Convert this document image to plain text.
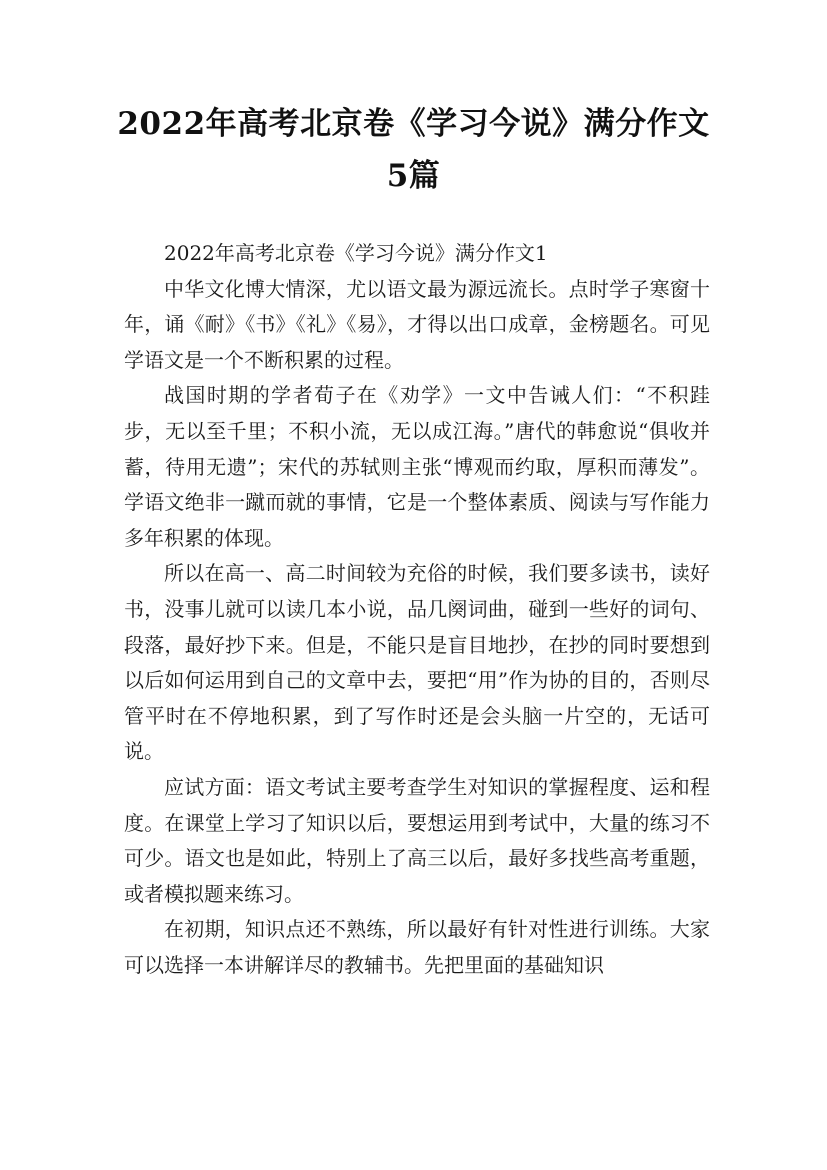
2022年高考北京卷《学习今说》满分作文5篇

2022年高考北京卷《学习今说》满分作文1

中华文化博大情深，尤以语文最为源远流长。点时学子寒窗十年，诵《耐》《书》《礼》《易》，才得以出口成章，金榜题名。可见学语文是一个不断积累的过程。

战国时期的学者荀子在《劝学》一文中告诫人们：“不积跬步，无以至千里；不积小流，无以成江海。”唐代的韩愈说“俱收并蓄，待用无遗”；宋代的苏轼则主张“博观而约取，厚积而薄发”。学语文绝非一蹴而就的事情，它是一个整体素质、阅读与写作能力多年积累的体现。

所以在高一、高二时间较为充俗的时候，我们要多读书，读好书，没事儿就可以读几本小说，品几阕词曲，碰到一些好的词句、段落，最好抄下来。但是，不能只是盲目地抄，在抄的同时要想到以后如何运用到自己的文章中去，要把“用”作为协的目的，否则尽管平时在不停地积累，到了写作时还是会头脑一片空的，无话可说。

应试方面：语文考试主要考查学生对知识的掌握程度、运和程度。在课堂上学习了知识以后，要想运用到考试中，大量的练习不可少。语文也是如此，特别上了高三以后，最好多找些高考重题，或者模拟题来练习。

在初期，知识点还不熟练，所以最好有针对性进行训练。大家可以选择一本讲解详尽的教辅书。先把里面的基础知识
